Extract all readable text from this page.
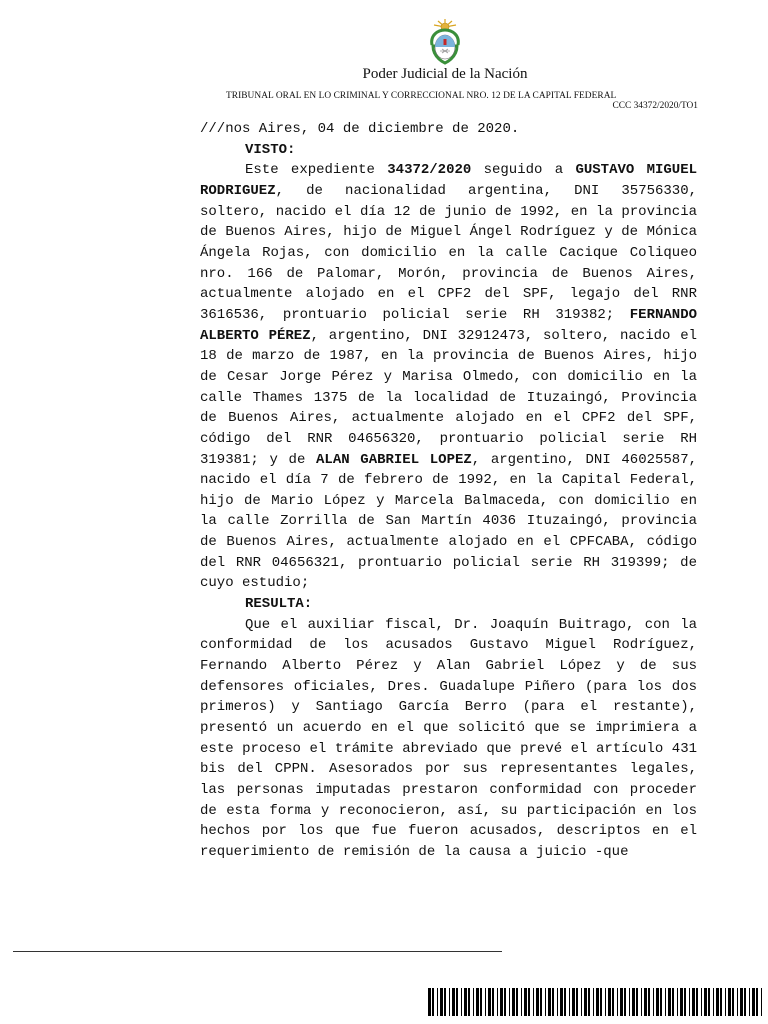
Poder Judicial de la Nación
TRIBUNAL ORAL EN LO CRIMINAL Y CORRECCIONAL NRO. 12 DE LA CAPITAL FEDERAL
CCC 34372/2020/TO1

///nos Aires, 04 de diciembre de 2020.

VISTO:

Este expediente 34372/2020 seguido a GUSTAVO MIGUEL RODRIGUEZ, de nacionalidad argentina, DNI 35756330, soltero, nacido el día 12 de junio de 1992, en la provincia de Buenos Aires, hijo de Miguel Ángel Rodríguez y de Mónica Ángela Rojas, con domicilio en la calle Cacique Coliqueo nro. 166 de Palomar, Morón, provincia de Buenos Aires, actualmente alojado en el CPF2 del SPF, legajo del RNR 3616536, prontuario policial serie RH 319382; FERNANDO ALBERTO PÉREZ, argentino, DNI 32912473, soltero, nacido el 18 de marzo de 1987, en la provincia de Buenos Aires, hijo de Cesar Jorge Pérez y Marisa Olmedo, con domicilio en la calle Thames 1375 de la localidad de Ituzaingó, Provincia de Buenos Aires, actualmente alojado en el CPF2 del SPF, código del RNR 04656320, prontuario policial serie RH 319381; y de ALAN GABRIEL LOPEZ, argentino, DNI 46025587, nacido el día 7 de febrero de 1992, en la Capital Federal, hijo de Mario López y Marcela Balmaceda, con domicilio en la calle Zorrilla de San Martín 4036 Ituzaingó, provincia de Buenos Aires, actualmente alojado en el CPFCABA, código del RNR 04656321, prontuario policial serie RH 319399; de cuyo estudio;

RESULTA:

Que el auxiliar fiscal, Dr. Joaquín Buitrago, con la conformidad de los acusados Gustavo Miguel Rodríguez, Fernando Alberto Pérez y Alan Gabriel López y de sus defensores oficiales, Dres. Guadalupe Piñero (para los dos primeros) y Santiago García Berro (para el restante), presentó un acuerdo en el que solicitó que se imprimiera a este proceso el trámite abreviado que prevé el artículo 431 bis del CPPN. Asesorados por sus representantes legales, las personas imputadas prestaron conformidad con proceder de esta forma y reconocieron, así, su participación en los hechos por los que fue fueron acusados, descriptos en el requerimiento de remisión de la causa a juicio -que
